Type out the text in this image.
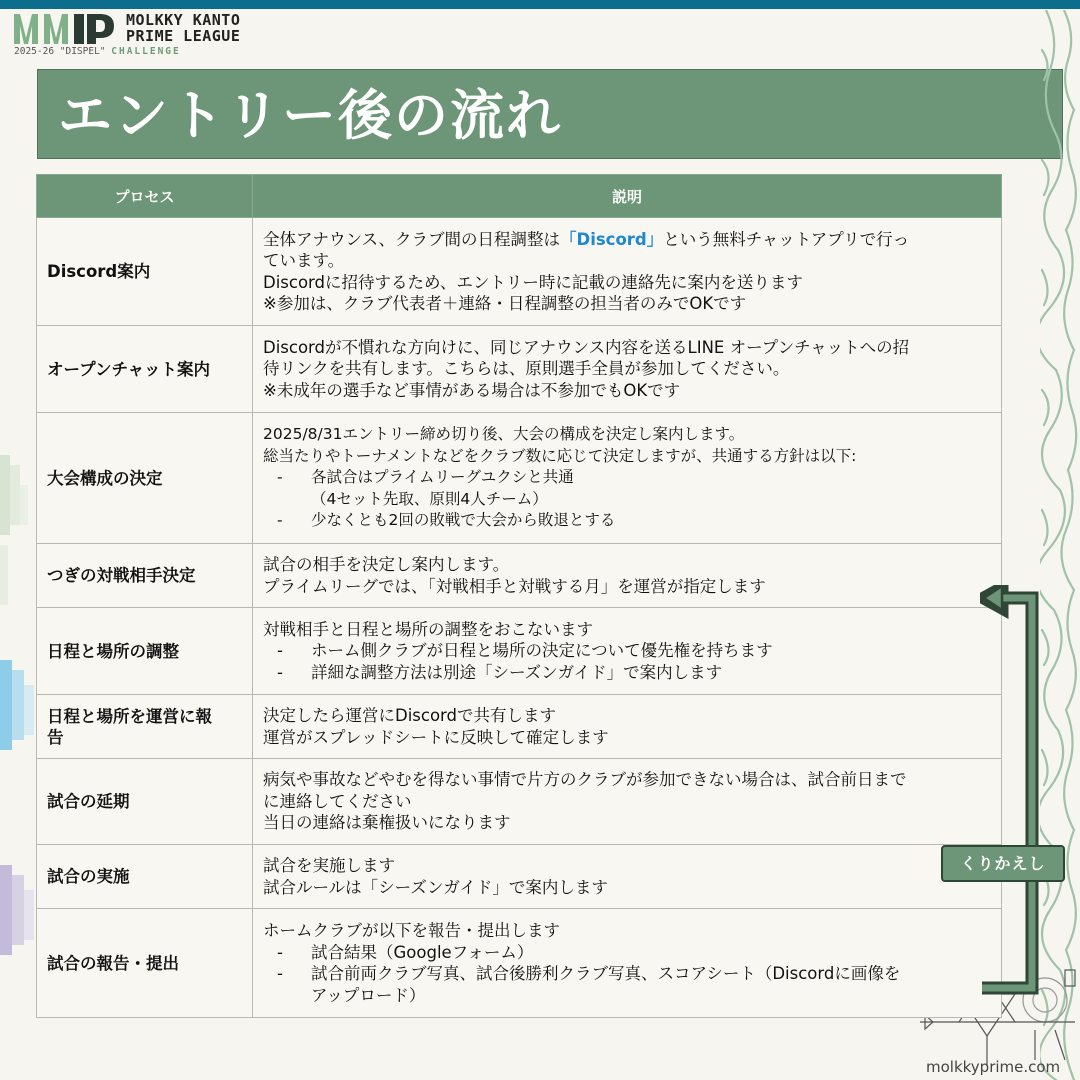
MOLKKY KANTO
PRIME LEAGUE
2025-26 "DISPEL" CHALLENGE
エントリー後の流れ
プロセス	説明
Discord案内	全体アナウンス、クラブ間の日程調整は「Discord」という無料チャットアプリで行っ
ています。
Discordに招待するため、エントリー時に記載の連絡先に案内を送ります
※参加は、クラブ代表者＋連絡・日程調整の担当者のみでOKです

オープンチャット案内	Discordが不慣れな方向けに、同じアナウンス内容を送るLINE オープンチャットへの招
待リンクを共有します。こちらは、原則選手全員が参加してください。
※未成年の選手など事情がある場合は不参加でもOKです

大会構成の決定	2025/8/31エントリー締め切り後、大会の構成を決定し案内します。
総当たりやトーナメントなどをクラブ数に応じて決定しますが、共通する方針は以下:
- 各試合はプライムリーグユクシと共通
（4セット先取、原則4人チーム）
- 少なくとも2回の敗戦で大会から敗退とする

つぎの対戦相手決定	試合の相手を決定し案内します。
プライムリーグでは、「対戦相手と対戦する月」を運営が指定します

日程と場所の調整	対戦相手と日程と場所の調整をおこないます
- ホーム側クラブが日程と場所の決定について優先権を持ちます
- 詳細な調整方法は別途「シーズンガイド」で案内します

日程と場所を運営に報
告	決定したら運営にDiscordで共有します
運営がスプレッドシートに反映して確定します

試合の延期	病気や事故などやむを得ない事情で片方のクラブが参加できない場合は、試合前日まで
に連絡してください
当日の連絡は棄権扱いになります

試合の実施	試合を実施します
試合ルールは「シーズンガイド」で案内します

試合の報告・提出	ホームクラブが以下を報告・提出します
- 試合結果（Googleフォーム）
- 試合前両クラブ写真、試合後勝利クラブ写真、スコアシート（Discordに画像を
アップロード）
くりかえし
molkkyprime.com
